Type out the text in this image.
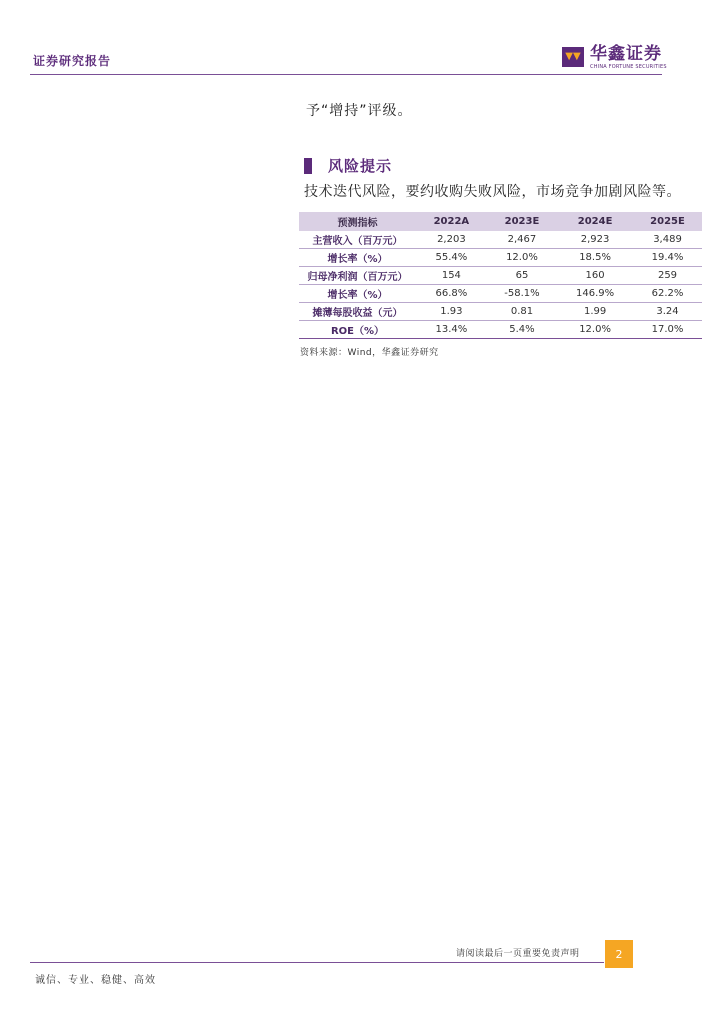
证券研究报告	▼▼ 华鑫证券
CHINA FORTUNE SECURITIES
予“增持”评级。
风险提示
技术迭代风险，要约收购失败风险，市场竞争加剧风险等。
预测指标	2022A	2023E	2024E	2025E
主营收入（百万元）	2,203	2,467	2,923	3,489
增长率（%）	55.4%	12.0%	18.5%	19.4%
归母净利润（百万元）	154	65	160	259
增长率（%）	66.8%	-58.1%	146.9%	62.2%
摊薄每股收益（元）	1.93	0.81	1.99	3.24
ROE（%）	13.4%	5.4%	12.0%	17.0%
资料来源：Wind，华鑫证券研究
请阅读最后一页重要免责声明	2
诚信、专业、稳健、高效
